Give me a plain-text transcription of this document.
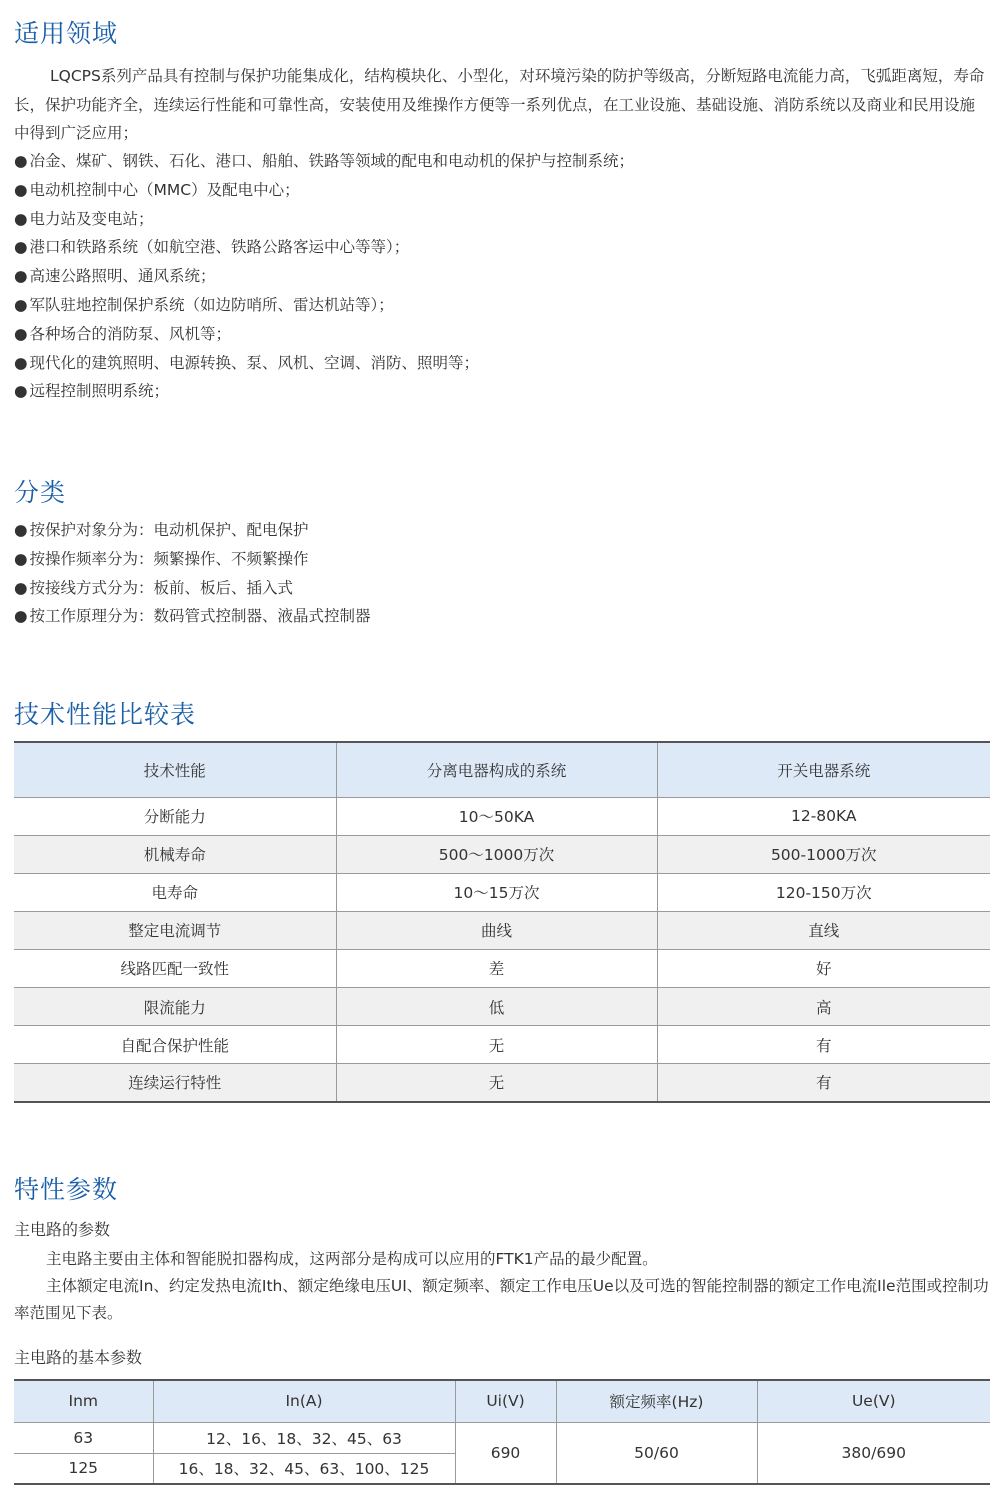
适用领域
LQCPS系列产品具有控制与保护功能集成化，结构模块化、小型化，对环境污染的防护等级高，分断短路电流能力高，飞弧距离短，寿命长，保护功能齐全，连续运行性能和可靠性高，安装使用及维操作方便等一系列优点，在工业设施、基础设施、消防系统以及商业和民用设施中得到广泛应用；
● 冶金、煤矿、钢铁、石化、港口、船舶、铁路等领域的配电和电动机的保护与控制系统；
● 电动机控制中心（MMC）及配电中心；
● 电力站及变电站；
● 港口和铁路系统（如航空港、铁路公路客运中心等等）；
● 高速公路照明、通风系统；
● 军队驻地控制保护系统（如边防哨所、雷达机站等）；
● 各种场合的消防泵、风机等；
● 现代化的建筑照明、电源转换、泵、风机、空调、消防、照明等；
● 远程控制照明系统；
分类
● 按保护对象分为：电动机保护、配电保护
● 按操作频率分为：频繁操作、不频繁操作
● 按接线方式分为：板前、板后、插入式
● 按工作原理分为：数码管式控制器、液晶式控制器
技术性能比较表
技术性能	分离电器构成的系统	开关电器系统
分断能力	10～50KA	12-80KA
机械寿命	500～1000万次	500-1000万次
电寿命	10～15万次	120-150万次
整定电流调节	曲线	直线
线路匹配一致性	差	好
限流能力	低	高
自配合保护性能	无	有
连续运行特性	无	有
特性参数
主电路的参数
主电路主要由主体和智能脱扣器构成，这两部分是构成可以应用的FTK1产品的最少配置。
主体额定电流In、约定发热电流Ith、额定绝缘电压UI、额定频率、额定工作电压Ue以及可选的智能控制器的额定工作电流Ile范围或控制功率范围见下表。
主电路的基本参数
Inm	In(A)	Ui(V)	额定频率(Hz)	Ue(V)
63	12、16、18、32、45、63	690	50/60	380/690
125	16、18、32、45、63、100、125			
